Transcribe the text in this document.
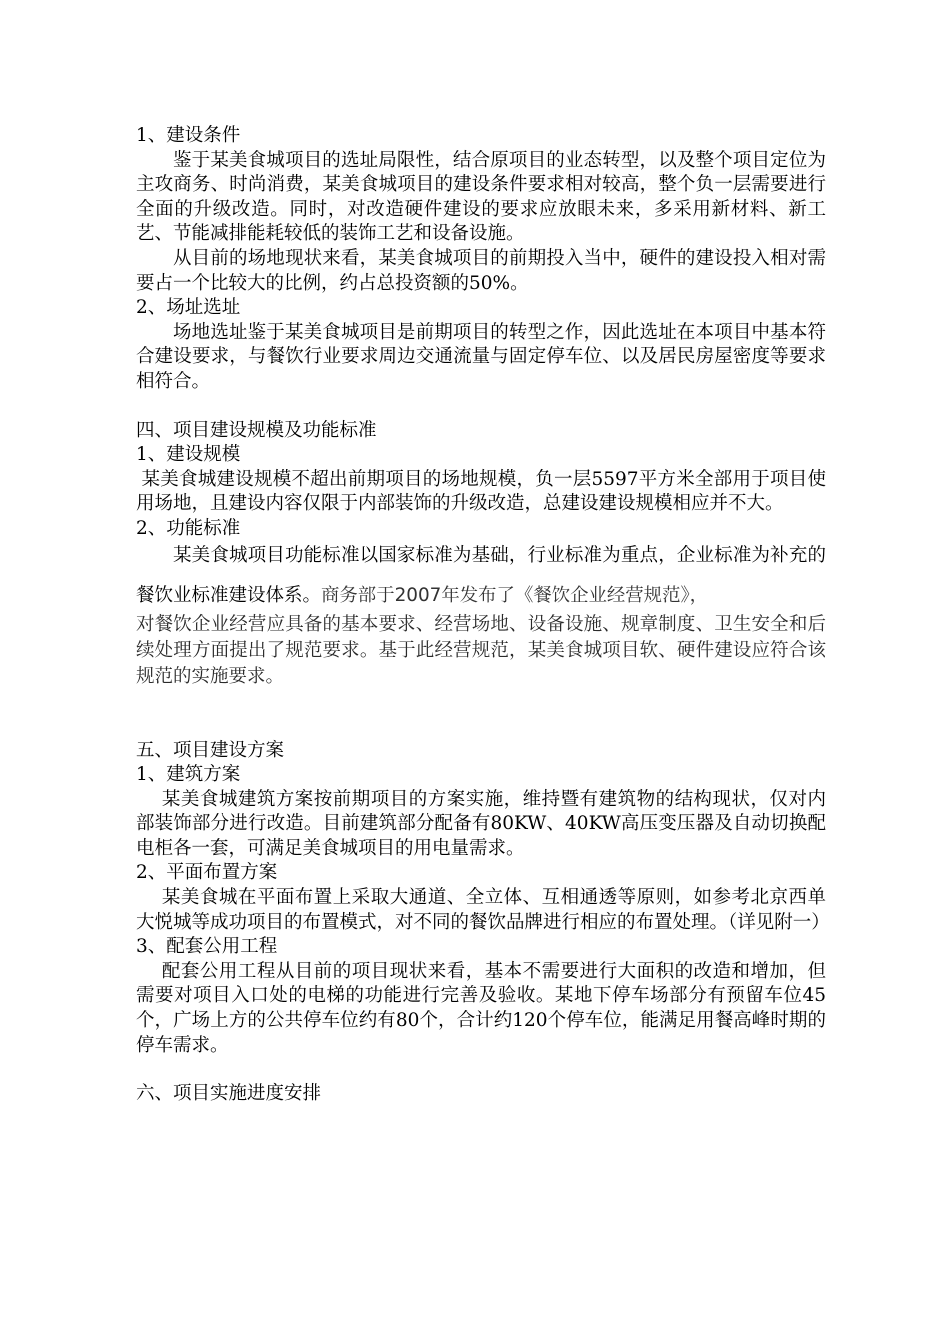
1、建设条件

鉴于某美食城项目的选址局限性，结合原项目的业态转型，以及整个项目定位为主攻商务、时尚消费，某美食城项目的建设条件要求相对较高，整个负一层需要进行全面的升级改造。同时，对改造硬件建设的要求应放眼未来，多采用新材料、新工艺、节能减排能耗较低的装饰工艺和设备设施。

从目前的场地现状来看，某美食城项目的前期投入当中，硬件的建设投入相对需要占一个比较大的比例，约占总投资额的50%。

2、场址选址

场地选址鉴于某美食城项目是前期项目的转型之作，因此选址在本项目中基本符合建设要求，与餐饮行业要求周边交通流量与固定停车位、以及居民房屋密度等要求相符合。

四、项目建设规模及功能标准

1、建设规模

某美食城建设规模不超出前期项目的场地规模，负一层5597平方米全部用于项目使用场地，且建设内容仅限于内部装饰的升级改造，总建设建设规模相应并不大。

2、功能标准

某美食城项目功能标准以国家标准为基础，行业标准为重点，企业标准为补充的餐饮业标准建设体系。商务部于2007年发布了《餐饮企业经营规范》，

对餐饮企业经营应具备的基本要求、经营场地、设备设施、规章制度、卫生安全和后续处理方面提出了规范要求。基于此经营规范，某美食城项目软、硬件建设应符合该规范的实施要求。

五、项目建设方案

1、建筑方案

某美食城建筑方案按前期项目的方案实施，维持暨有建筑物的结构现状，仅对内部装饰部分进行改造。目前建筑部分配备有80KW、40KW高压变压器及自动切换配电柜各一套，可满足美食城项目的用电量需求。

2、平面布置方案

某美食城在平面布置上采取大通道、全立体、互相通透等原则，如参考北京西单大悦城等成功项目的布置模式，对不同的餐饮品牌进行相应的布置处理。（详见附一）

3、配套公用工程

配套公用工程从目前的项目现状来看，基本不需要进行大面积的改造和增加，但需要对项目入口处的电梯的功能进行完善及验收。某地下停车场部分有预留车位45个，广场上方的公共停车位约有80个，合计约120个停车位，能满足用餐高峰时期的停车需求。

六、项目实施进度安排
